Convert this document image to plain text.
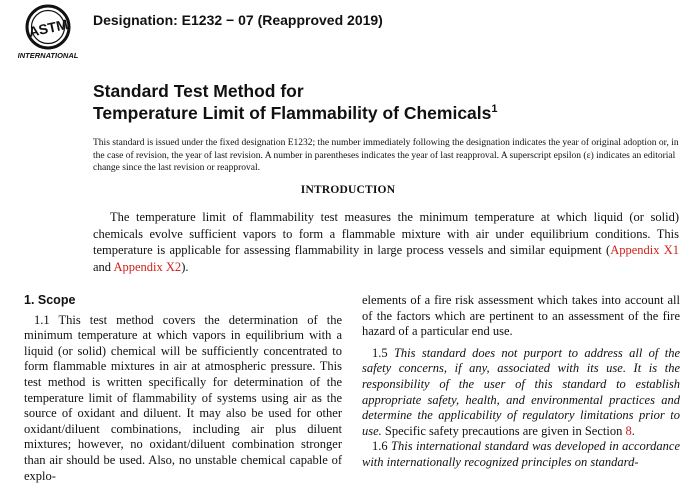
ASTM
INTERNATIONAL
Designation: E1232 − 07 (Reapproved 2019)
Standard Test Method for
Temperature Limit of Flammability of Chemicals$^1$
This standard is issued under the fixed designation E1232; the number immediately following the designation indicates the year of original adoption or, in the case of revision, the year of last revision. A number in parentheses indicates the year of last reapproval. A superscript epsilon (ε) indicates an editorial change since the last revision or reapproval.
INTRODUCTION
The temperature limit of flammability test measures the minimum temperature at which liquid (or solid) chemicals evolve sufficient vapors to form a flammable mixture with air under equilibrium conditions. This temperature is applicable for assessing flammability in large process vessels and similar equipment (Appendix X1 and Appendix X2).
1. Scope

1.1 This test method covers the determination of the minimum temperature at which vapors in equilibrium with a liquid (or solid) chemical will be sufficiently concentrated to form flammable mixtures in air at atmospheric pressure. This test method is written specifically for determination of the temperature limit of flammability of systems using air as the source of oxidant and diluent. It may also be used for other oxidant/diluent combinations, including air plus diluent mixtures; however, no oxidant/diluent combination stronger than air should be used. Also, no unstable chemical capable of explo-

elements of a fire risk assessment which takes into account all of the factors which are pertinent to an assessment of the fire hazard of a particular end use.

1.5 This standard does not purport to address all of the safety concerns, if any, associated with its use. It is the responsibility of the user of this standard to establish appropriate safety, health, and environmental practices and determine the applicability of regulatory limitations prior to use. Specific safety precautions are given in Section 8.

1.6 This international standard was developed in accordance with internationally recognized principles on standard-
